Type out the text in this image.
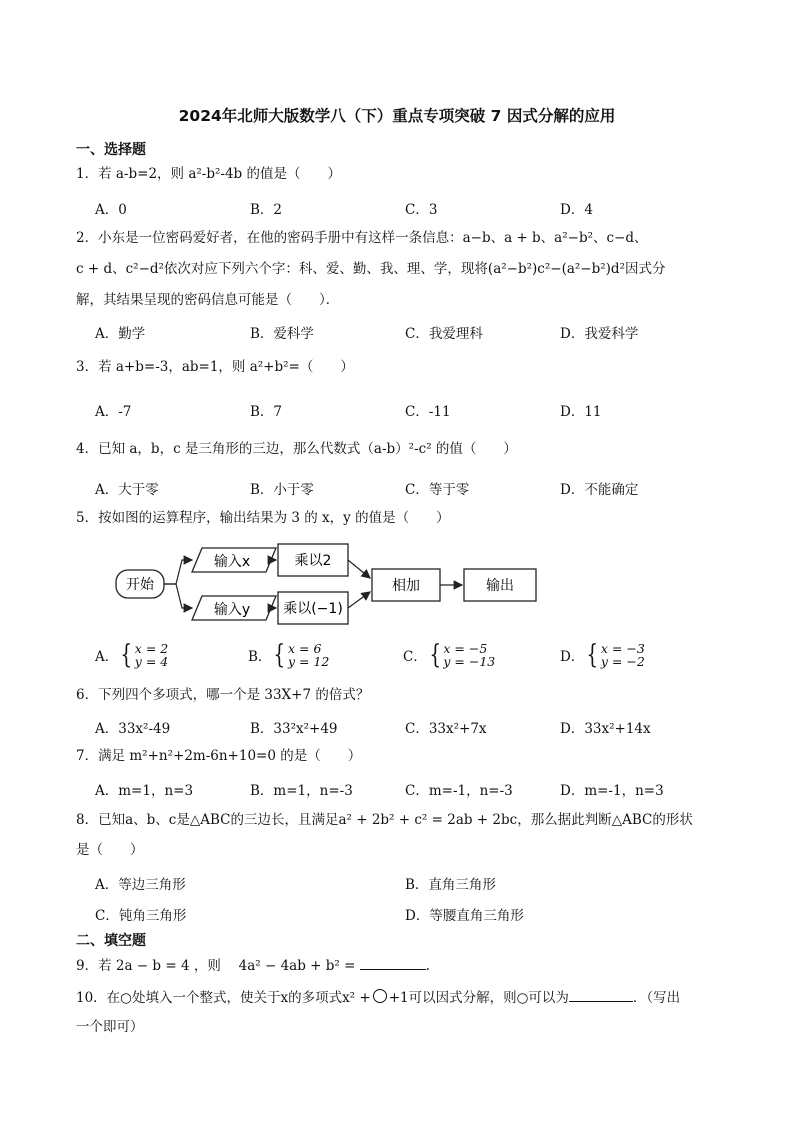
2024年北师大版数学八（下）重点专项突破 7 因式分解的应用
一、选择题
1．若 a-b=2，则 a²-b²-4b 的值是（　　）
A．0	B．2	C．3	D．4
2．小东是一位密码爱好者，在他的密码手册中有这样一条信息：a−b、a + b、a²−b²、c−d、
c + d、c²−d²依次对应下列六个字：科、爱、勤、我、理、学，现将(a²−b²)c²−(a²−b²)d²因式分
解，其结果呈现的密码信息可能是（　　）．
A．勤学	B．爱科学	C．我爱理科	D．我爱科学
3．若 a+b=-3，ab=1，则 a²+b²=（　　）
A．-7	B．7	C．-11	D．11
4．已知 a，b，c 是三角形的三边，那么代数式（a-b）²-c² 的值（　　）
A．大于零	B．小于零	C．等于零	D．不能确定
5．按如图的运算程序，输出结果为 3 的 x，y 的值是（　　）
开始
输入x
输入y
乘以2
乘以(−1)
相加	输出
A．{ x = 2
y = 4	B．{ x = 6
y = 12	C．{ x = −5
y = −13	D．{ x = −3
y = −2
6．下列四个多项式，哪一个是 33X+7 的倍式？
A．33x²-49	B．33²x²+49	C．33x²+7x	D．33x²+14x
7．满足 m²+n²+2m-6n+10=0 的是（　　）
A．m=1，n=3	B．m=1，n=-3	C．m=-1，n=-3	D．m=-1，n=3
8．已知a、b、c是△ABC的三边长，且满足a² + 2b² + c² = 2ab + 2bc，那么据此判断△ABC的形状
是（　　）
A．等边三角形	B．直角三角形
C．钝角三角形	D．等腰直角三角形
二、填空题
9．若 2a − b = 4 ，则　 4a² − 4ab + b² =	.
10．在○处填入一个整式，使关于x的多项式x² + +1可以因式分解，则○可以为	．（写出
一个即可）
